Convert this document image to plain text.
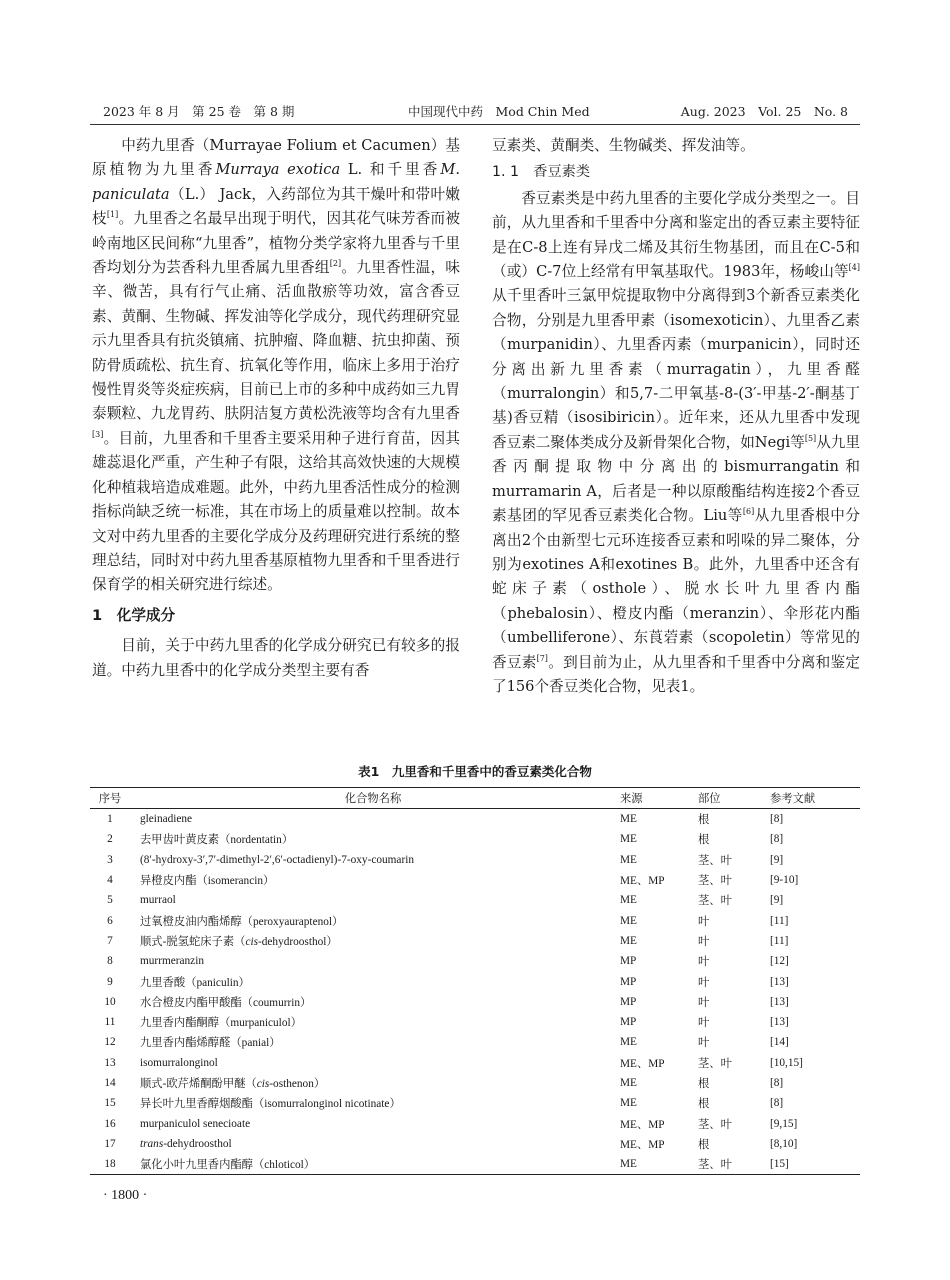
2023 年 8 月　第 25 卷　第 8 期	中国现代中药　Mod Chin Med	Aug. 2023　Vol. 25　No. 8

中药九里香（Murrayae Folium et Cacumen）基原植物为九里香Murraya exotica L. 和千里香M. paniculata（L.） Jack，入药部位为其干燥叶和带叶嫩枝[1]。九里香之名最早出现于明代，因其花气味芳香而被岭南地区民间称“九里香”，植物分类学家将九里香与千里香均划分为芸香科九里香属九里香组[2]。九里香性温，味辛、微苦，具有行气止痛、活血散瘀等功效，富含香豆素、黄酮、生物碱、挥发油等化学成分，现代药理研究显示九里香具有抗炎镇痛、抗肿瘤、降血糖、抗虫抑菌、预防骨质疏松、抗生育、抗氧化等作用，临床上多用于治疗慢性胃炎等炎症疾病，目前已上市的多种中成药如三九胃泰颗粒、九龙胃药、肤阴洁复方黄松洗液等均含有九里香[3]。目前，九里香和千里香主要采用种子进行育苗，因其雄蕊退化严重，产生种子有限，这给其高效快速的大规模化种植栽培造成难题。此外，中药九里香活性成分的检测指标尚缺乏统一标准，其在市场上的质量难以控制。故本文对中药九里香的主要化学成分及药理研究进行系统的整理总结，同时对中药九里香基原植物九里香和千里香进行保育学的相关研究进行综述。

1　化学成分

目前，关于中药九里香的化学成分研究已有较多的报道。中药九里香中的化学成分类型主要有香

豆素类、黄酮类、生物碱类、挥发油等。

1. 1　香豆素类

香豆素类是中药九里香的主要化学成分类型之一。目前，从九里香和千里香中分离和鉴定出的香豆素主要特征是在C-8上连有异戊二烯及其衍生物基团，而且在C-5和（或）C-7位上经常有甲氧基取代。1983年，杨峻山等[4]从千里香叶三氯甲烷提取物中分离得到3个新香豆素类化合物，分别是九里香甲素（isomexoticin）、九里香乙素（murpanidin）、九里香丙素（murpanicin），同时还分离出新九里香素（murragatin），九里香醛（murralongin）和5,7-二甲氧基-8-(3′-甲基-2′-酮基丁基)香豆精（isosibiricin）。近年来，还从九里香中发现香豆素二聚体类成分及新骨架化合物，如Negi等[5]从九里香丙酮提取物中分离出的bismurrangatin和murramarin A，后者是一种以原酸酯结构连接2个香豆素基团的罕见香豆素类化合物。Liu等[6]从九里香根中分离出2个由新型七元环连接香豆素和吲哚的异二聚体，分别为exotines A和exotines B。此外，九里香中还含有蛇床子素（osthole）、脱水长叶九里香内酯（phebalosin）、橙皮内酯（meranzin）、伞形花内酯（umbelliferone）、东莨菪素（scopoletin）等常见的香豆素[7]。到目前为止，从九里香和千里香中分离和鉴定了156个香豆类化合物，见表1。

表1　九里香和千里香中的香豆素类化合物
序号	化合物名称	来源	部位	参考文献
1	gleinadiene	ME	根	[8]
2	去甲齿叶黄皮素（nordentatin）	ME	根	[8]
3	(8′-hydroxy-3′,7′-dimethyl-2′,6′-octadienyl)-7-oxy-coumarin	ME	茎、叶	[9]
4	异橙皮内酯（isomerancin）	ME、MP	茎、叶	[9-10]
5	murraol	ME	茎、叶	[9]
6	过氧橙皮油内酯烯醇（peroxyauraptenol）	ME	叶	[11]
7	顺式-脱氢蛇床子素（cis-dehydroosthol）	ME	叶	[11]
8	murrmeranzin	MP	叶	[12]
9	九里香酸（paniculin）	MP	叶	[13]
10	水合橙皮内酯甲酸酯（coumurrin）	MP	叶	[13]
11	九里香内酯酮醇（murpaniculol）	MP	叶	[13]
12	九里香内酯烯醇醛（panial）	ME	叶	[14]
13	isomurralonginol	ME、MP	茎、叶	[10,15]
14	顺式-欧芹烯酮酚甲醚（cis-osthenon）	ME	根	[8]
15	异长叶九里香醇烟酸酯（isomurralonginol nicotinate）	ME	根	[8]
16	murpaniculol senecioate	ME、MP	茎、叶	[9,15]
17	trans-dehydroosthol	ME、MP	根	[8,10]
18	氯化小叶九里香内酯醇（chloticol）	ME	茎、叶	[15]
· 1800 ·
